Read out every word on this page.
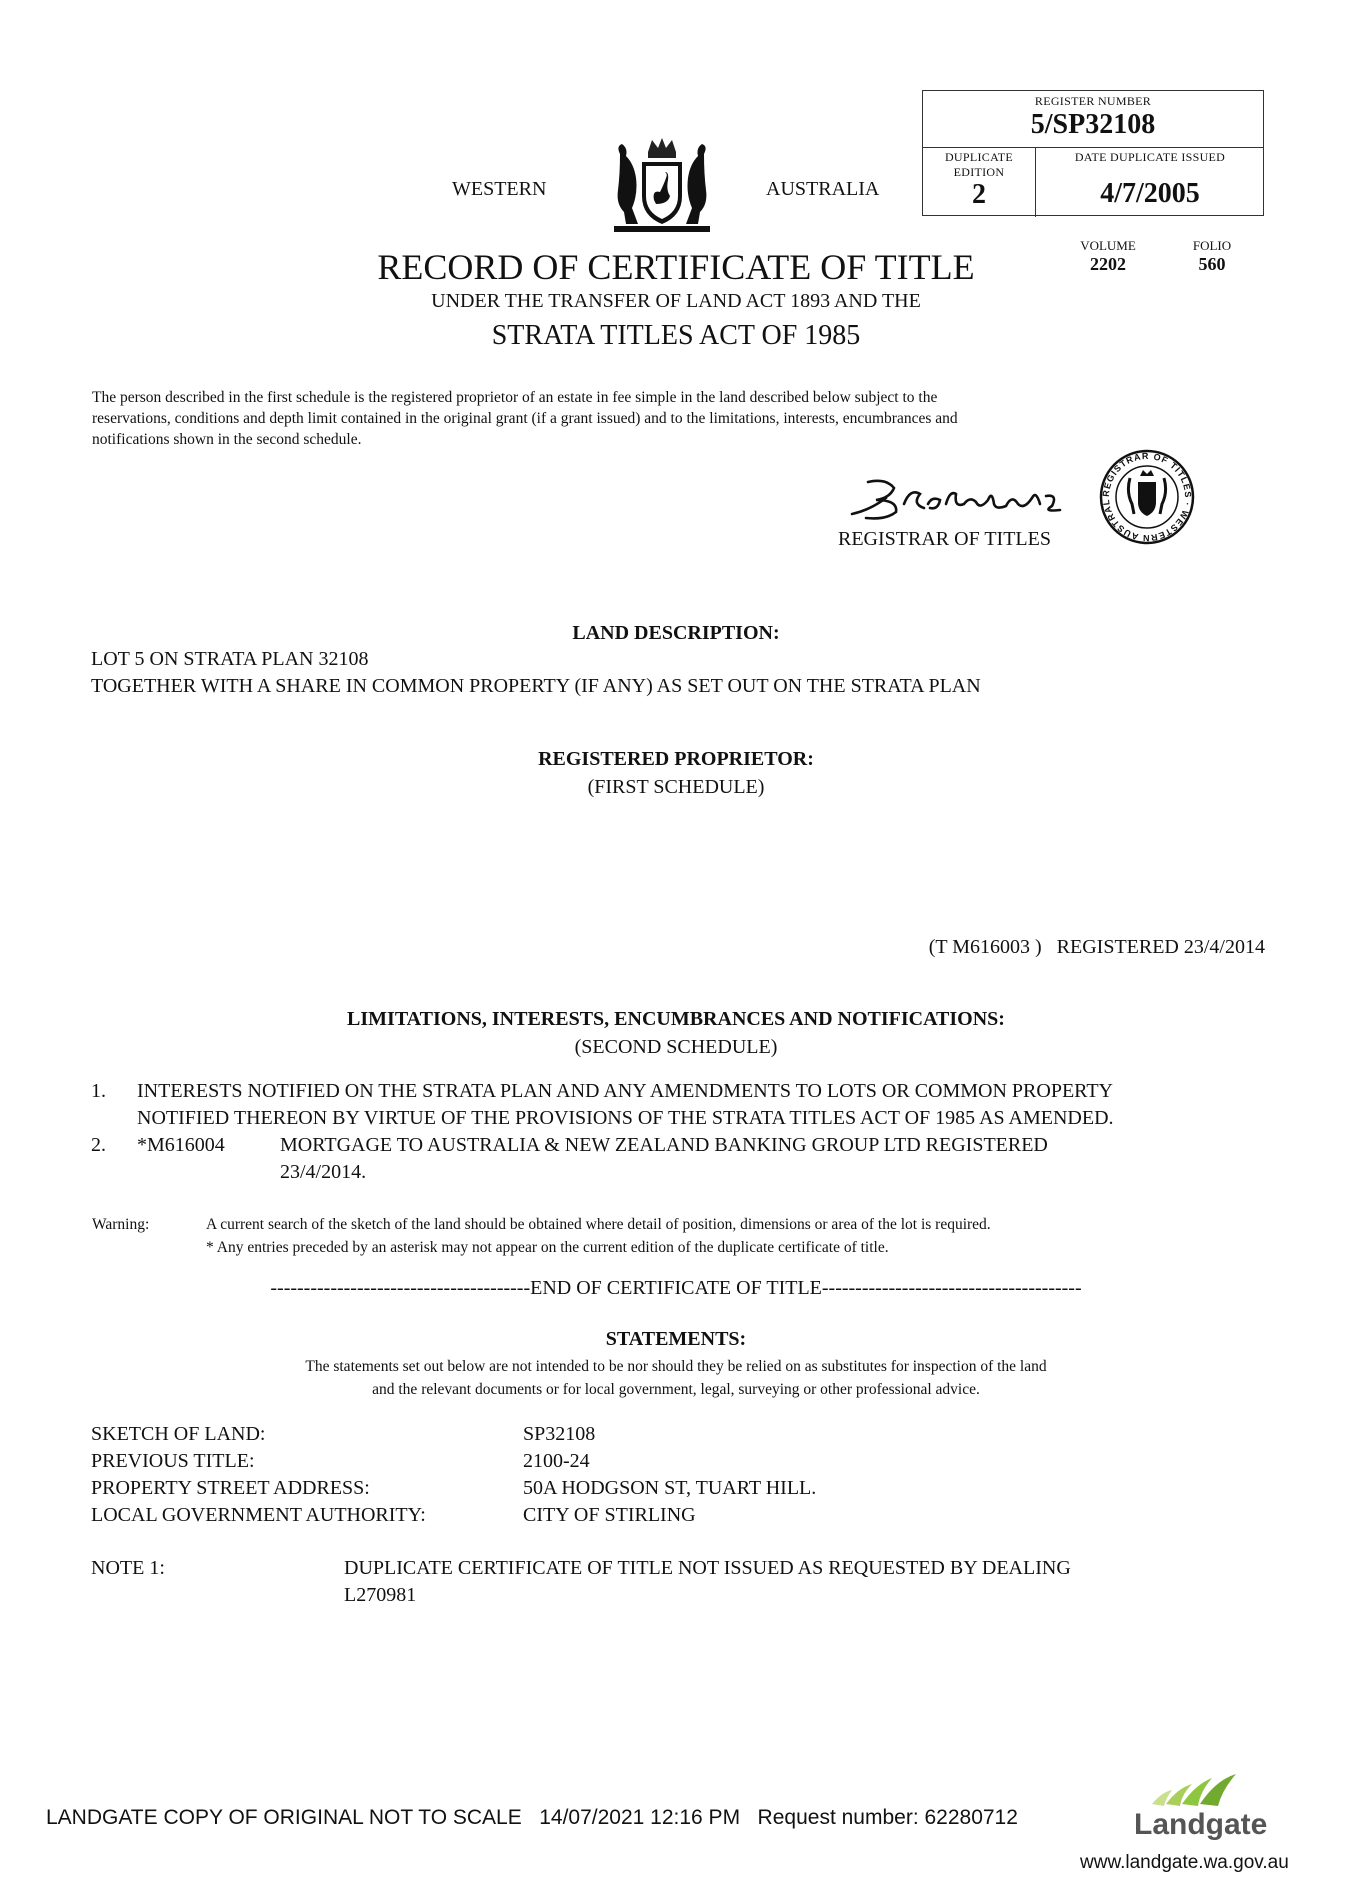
WESTERN	AUSTRALIA
REGISTER NUMBER
5/SP32108
DUPLICATE
EDITION
2
DATE DUPLICATE ISSUED
4/7/2005
VOLUME
2202
FOLIO
560
RECORD OF CERTIFICATE OF TITLE
UNDER THE TRANSFER OF LAND ACT 1893 AND THE
STRATA TITLES ACT OF 1985
The person described in the first schedule is the registered proprietor of an estate in fee simple in the land described below subject to the
reservations, conditions and depth limit contained in the original grant (if a grant issued) and to the limitations, interests, encumbrances and
notifications shown in the second schedule.
REGISTRAR OF TITLES
REGISTRAR OF TITLES · WESTERN AUSTRAL
LAND DESCRIPTION:
LOT 5 ON STRATA PLAN 32108
TOGETHER WITH A SHARE IN COMMON PROPERTY (IF ANY) AS SET OUT ON THE STRATA PLAN
REGISTERED PROPRIETOR:
(FIRST SCHEDULE)
(T M616003 )   REGISTERED 23/4/2014
LIMITATIONS, INTERESTS, ENCUMBRANCES AND NOTIFICATIONS:
(SECOND SCHEDULE)
1. INTERESTS NOTIFIED ON THE STRATA PLAN AND ANY AMENDMENTS TO LOTS OR COMMON PROPERTY
NOTIFIED THEREON BY VIRTUE OF THE PROVISIONS OF THE STRATA TITLES ACT OF 1985 AS AMENDED.
2. *M616004	MORTGAGE TO AUSTRALIA & NEW ZEALAND BANKING GROUP LTD REGISTERED
23/4/2014.
Warning:	A current search of the sketch of the land should be obtained where detail of position, dimensions or area of the lot is required.
* Any entries preceded by an asterisk may not appear on the current edition of the duplicate certificate of title.
---------------------------------------END OF CERTIFICATE OF TITLE---------------------------------------
STATEMENTS:
The statements set out below are not intended to be nor should they be relied on as substitutes for inspection of the land
and the relevant documents or for local government, legal, surveying or other professional advice.
SKETCH OF LAND:	SP32108
PREVIOUS TITLE:	2100-24
PROPERTY STREET ADDRESS:	50A HODGSON ST, TUART HILL.
LOCAL GOVERNMENT AUTHORITY:	CITY OF STIRLING
NOTE 1:	DUPLICATE CERTIFICATE OF TITLE NOT ISSUED AS REQUESTED BY DEALING
L270981
LANDGATE COPY OF ORIGINAL NOT TO SCALE   14/07/2021 12:16 PM   Request number: 62280712	Landgate
www.landgate.wa.gov.au
